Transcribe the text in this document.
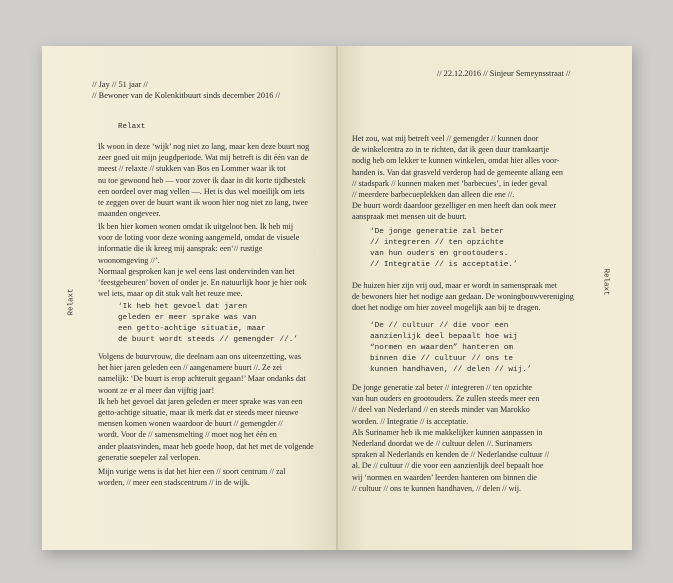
// Jay // 51 jaar //
// Bewoner van de Kolenkitbuurt sinds december 2016 //
Relaxt
Ik woon in deze ‘wijk’ nog niet zo lang, maar ken deze buurt nog
zeer goed uit mijn jeugdperiode. Wat mij betreft is dit één van de
meest // relaxte // stukken van Bos en Lommer waar ik tot
nu toe gewoond heb — voor zover ik daar in dit korte tijdbestek
een oordeel over mag vellen —. Het is dus wel moeilijk om iets
te zeggen over de buurt want ik woon hier nog niet zo lang, twee
maanden ongeveer.
Ik ben hier komen wonen omdat ik uitgeloot ben. Ik heb mij
voor de loting voor deze woning aangemeld, omdat de visuele
informatie die ik kreeg mij aansprak: een‘// rustige
woonomgeving //’.
Normaal gesproken kan je wel eens last ondervinden van het
‘feestgebeuren’ boven of onder je. En natuurlijk hoor je hier ook
wel iets, maar op dit stuk valt het reuze mee.
‘Ik heb het gevoel dat jaren
geleden er meer sprake was van
een getto-achtige situatie, maar
de buurt wordt steeds // gemengder //.’
Volgens de buurvrouw, die deelnam aan ons uiteenzetting, was
het hier jaren geleden een // aangenamere buurt //. Ze zei
namelijk: ‘De buurt is erop achteruit gegaan!’ Maar ondanks dat
woont ze er al meer dan vijftig jaar!
Ik heb het gevoel dat jaren geleden er meer sprake was van een
getto-achtige situatie, maar ik merk dat er steeds meer nieuwe
mensen komen wonen waardoor de buurt // gemengder //
wordt. Voor de // samensmelting // moet nog het één en
ander plaatsvinden, maar heb goede hoop, dat het met de volgende
generatie soepeler zal verlopen.
Mijn vurige wens is dat het hier een // soort centrum // zal
worden, // meer een stadscentrum // in de wijk.
Relaxt
// 22.12.2016 // Sinjeur Semeynsstraat //
Het zou, wat mij betreft veel // gemengder // kunnen door
de winkelcentra zo in te richten, dat ik geen duur tramkaartje
nodig heb om lekker te kunnen winkelen, omdat hier alles voor-
handen is. Van dat grasveld verderop had de gemeente allang een
// stadspark // kunnen maken met ‘barbecues’, in ieder geval
// meerdere barbecueplekken dan alleen die ene //.
De buurt wordt daardoor gezelliger en men heeft dan ook meer
aanspraak met mensen uit de buurt.
‘De jonge generatie zal beter
// integreren // ten opzichte
van hun ouders en grootouders.
// Integratie // is acceptatie.’
De huizen hier zijn vrij oud, maar er wordt in samenspraak met
de bewoners hier het nodige aan gedaan. De woningbouwvereniging
doet het nodige om hier zoveel mogelijk aan bij te dragen.
‘De // cultuur // die voor een
aanzienlijk deel bepaalt hoe wij
“normen en waarden” hanteren om
binnen die // cultuur // ons te
kunnen handhaven, // delen // wij.’
De jonge generatie zal beter // integreren // ten opzichte
van hun ouders en grootouders. Ze zullen steeds meer een
// deel van Nederland // en steeds minder van Marokko
worden. // Integratie // is acceptatie.
Als Surinamer heb ik me makkelijker kunnen aanpassen in
Nederland doordat we de // cultuur delen //. Surinamers
spraken al Nederlands en kenden de // Nederlandse cultuur //
al. De // cultuur // die voor een aanzienlijk deel bepaalt hoe
wij ‘normen en waarden’ leerden hanteren om binnen die
// cultuur // ons te kunnen handhaven, // delen // wij.
Relaxt
